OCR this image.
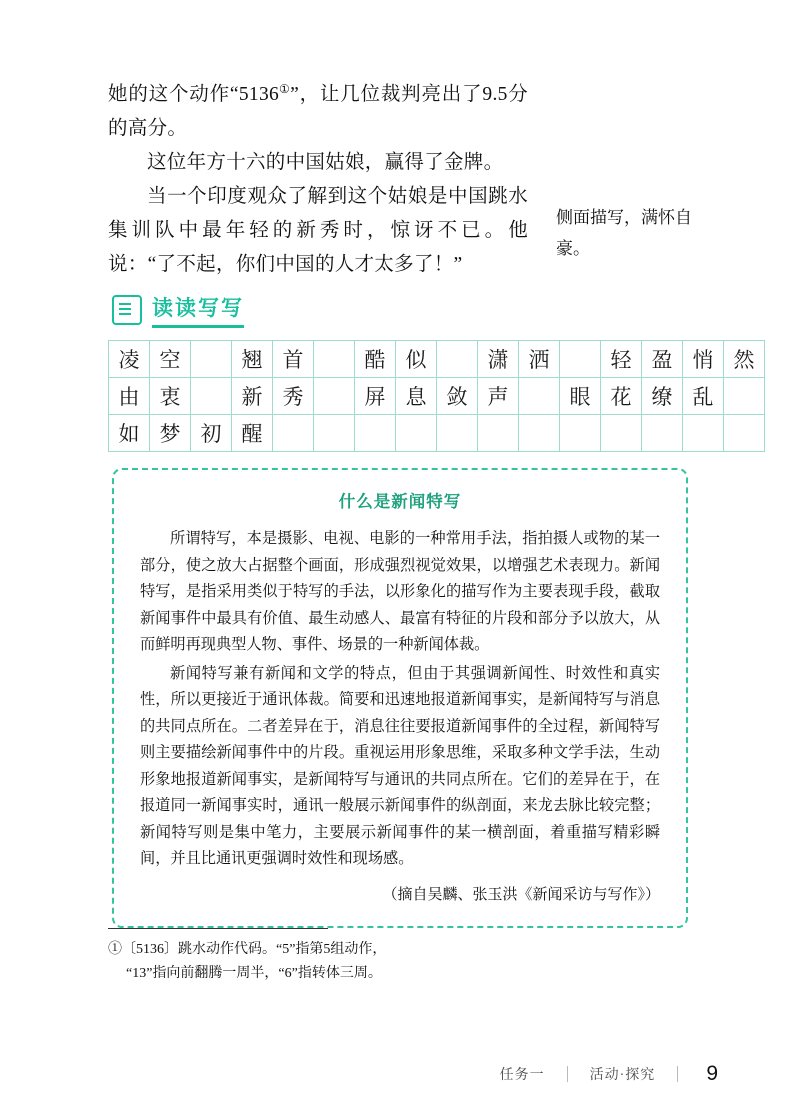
她的这个动作“5136①”，让几位裁判亮出了9.5分的高分。

这位年方十六的中国姑娘，赢得了金牌。

当一个印度观众了解到这个姑娘是中国跳水集训队中最年轻的新秀时，惊讶不已。他说：“了不起，你们中国的人才太多了！”

侧面描写，满怀自豪。
读读写写
凌	空		翘	首		酷	似		潇	洒		轻	盈	悄	然
由	衷		新	秀		屏	息	敛	声		眼	花	缭	乱	
如	梦	初	醒												
什么是新闻特写

所谓特写，本是摄影、电视、电影的一种常用手法，指拍摄人或物的某一部分，使之放大占据整个画面，形成强烈视觉效果，以增强艺术表现力。新闻特写，是指采用类似于特写的手法，以形象化的描写作为主要表现手段，截取新闻事件中最具有价值、最生动感人、最富有特征的片段和部分予以放大，从而鲜明再现典型人物、事件、场景的一种新闻体裁。

新闻特写兼有新闻和文学的特点，但由于其强调新闻性、时效性和真实性，所以更接近于通讯体裁。简要和迅速地报道新闻事实，是新闻特写与消息的共同点所在。二者差异在于，消息往往要报道新闻事件的全过程，新闻特写则主要描绘新闻事件中的片段。重视运用形象思维，采取多种文学手法，生动形象地报道新闻事实，是新闻特写与通讯的共同点所在。它们的差异在于，在报道同一新闻事实时，通讯一般展示新闻事件的纵剖面，来龙去脉比较完整；新闻特写则是集中笔力，主要展示新闻事件的某一横剖面，着重描写精彩瞬间，并且比通讯更强调时效性和现场感。

（摘自吴麟、张玉洪《新闻采访与写作》）
①〔5136〕跳水动作代码。“5”指第5组动作，
“13”指向前翻腾一周半，“6”指转体三周。
任务一	活动·探究	9
